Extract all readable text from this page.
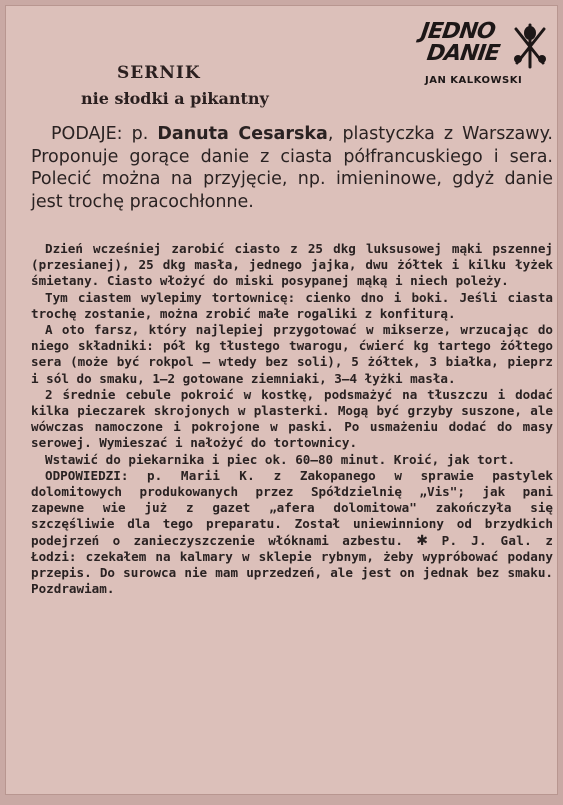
SERNIK
nie słodki a pikantny
JEDNO
DANIE
JAN KALKOWSKI
PODAJE: p. Danuta Cesarska, plastyczka z Warszawy. Proponuje gorące danie z ciasta półfrancuskiego i sera. Polecić można na przyjęcie, np. imieninowe, gdyż danie jest trochę pracochłonne.

Dzień wcześniej zarobić ciasto z 25 dkg luksusowej mąki pszennej (przesianej), 25 dkg masła, jednego jajka, dwu żółtek i kilku łyżek śmietany. Ciasto włożyć do miski posypanej mąką i niech poleży.

Tym ciastem wylepimy tortownicę: cienko dno i boki. Jeśli ciasta trochę zostanie, można zrobić małe rogaliki z konfiturą.

A oto farsz, który najlepiej przygotować w mikserze, wrzucając do niego składniki: pół kg tłustego twarogu, ćwierć kg tartego żółtego sera (może być rokpol — wtedy bez soli), 5 żółtek, 3 białka, pieprz i sól do smaku, 1—2 gotowane ziemniaki, 3—4 łyżki masła.

2 średnie cebule pokroić w kostkę, podsmażyć na tłuszczu i dodać kilka pieczarek skrojonych w plasterki. Mogą być grzyby suszone, ale wówczas namoczone i pokrojone w paski. Po usmażeniu dodać do masy serowej. Wymieszać i nałożyć do tortownicy.

Wstawić do piekarnika i piec ok. 60—80 minut. Kroić, jak tort.

ODPOWIEDZI: p. Marii K. z Zakopanego w sprawie pastylek dolomitowych produkowanych przez Spółdzielnię „Vis"; jak pani zapewne wie już z gazet „afera dolomitowa" zakończyła się szczęśliwie dla tego preparatu. Został uniewinniony od brzydkich podejrzeń o zanieczyszczenie włóknami azbestu. ✱ P. J. Gal. z Łodzi: czekałem na kalmary w sklepie rybnym, żeby wypróbować podany przepis. Do surowca nie mam uprzedzeń, ale jest on jednak bez smaku. Pozdrawiam.
